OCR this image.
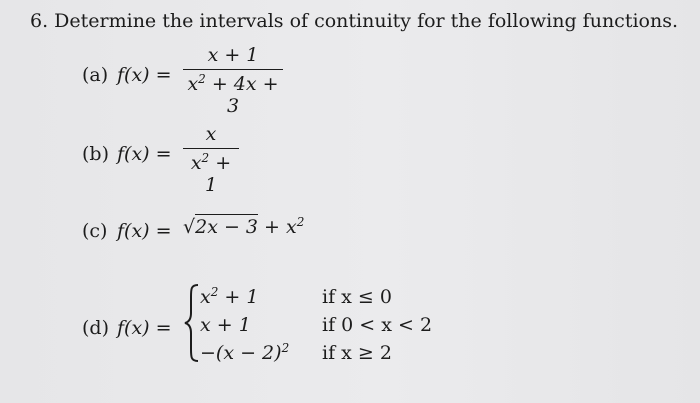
6. Determine the intervals of continuity for the following functions.
(a) f(x) =
x + 1
$x^2 + 4x + 3$
(b) f(x) =
x
$x^2 + 1$
(c) $f(x) = √2x - 3 + x^2$
(d) f(x) =
$x^2 + 1$	if x ≤ 0
x + 1	if 0 < x < 2
$-(x - 2)^2$ if x ≥ 2
